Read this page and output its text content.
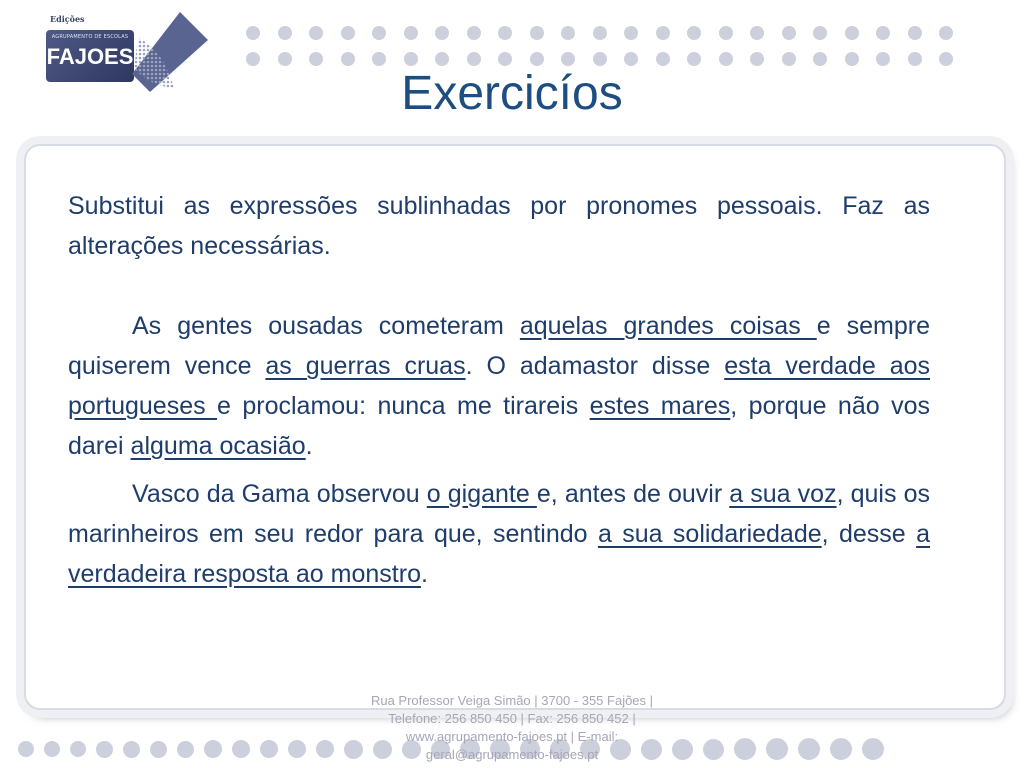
Edições
AGRUPAMENTO DE ESCOLAS
FAJOES
Exercicíos

Substitui as expressões sublinhadas por pronomes pessoais. Faz as alterações necessárias.

As gentes ousadas cometeram aquelas grandes coisas e sempre quiserem vence as guerras cruas. O adamastor disse esta verdade aos portugueses e proclamou: nunca me tirareis estes mares, porque não vos darei alguma ocasião.

Vasco da Gama observou o gigante e, antes de ouvir a sua voz, quis os marinheiros em seu redor para que, sentindo a sua solidariedade, desse a verdadeira resposta ao monstro.

Rua Professor Veiga Simão | 3700 - 355 Fajões | Telefone: 256 850 450 | Fax: 256 850 452 | www.agrupamento-fajoes.pt | E-mail: geral@agrupamento-fajoes.pt
